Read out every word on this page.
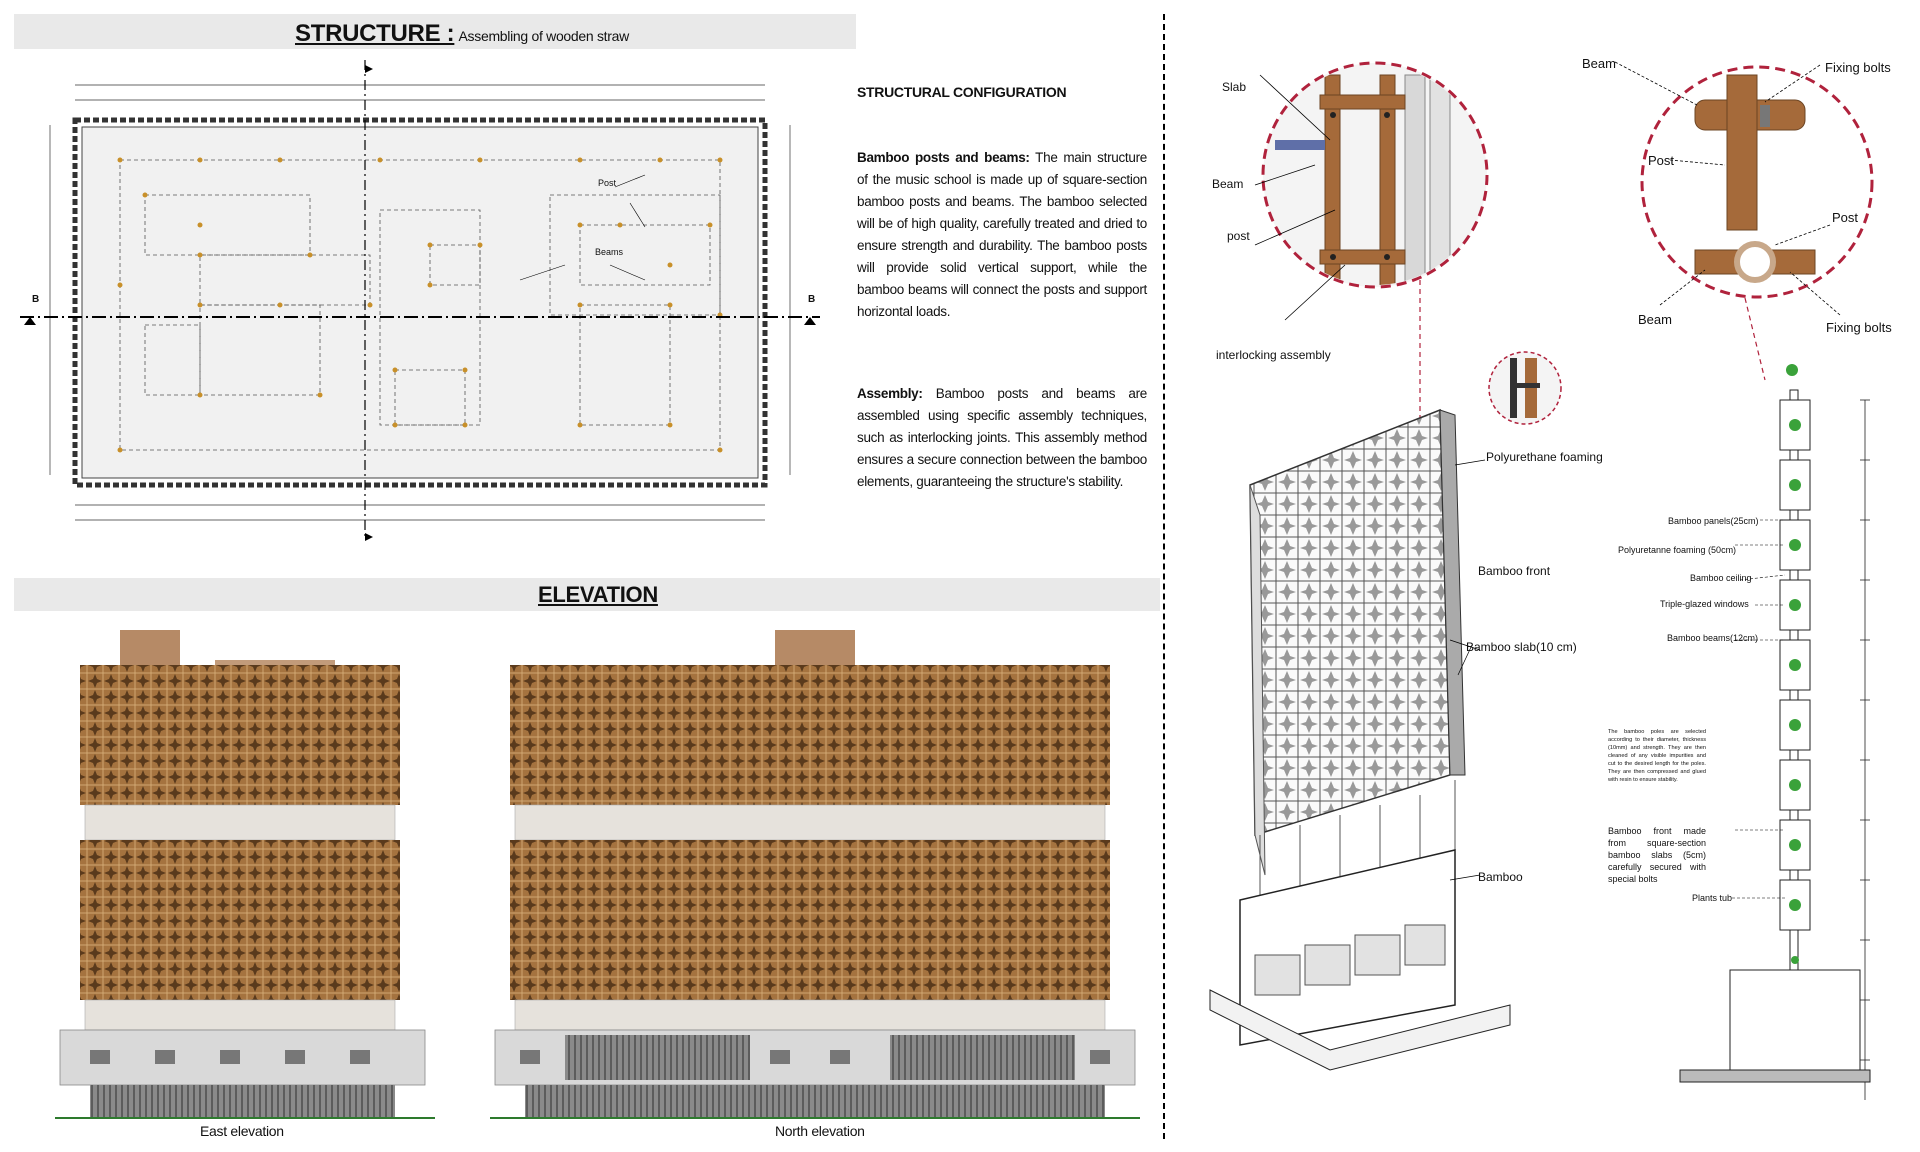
STRUCTURE : Assembling of wooden straw
B	B
Post
Beams
STRUCTURAL CONFIGURATION
Bamboo posts and beams: The main structure of the music school is made up of square-section bamboo posts and beams. The bamboo selected will be of high quality, carefully treated and dried to ensure strength and durability. The bamboo posts will provide solid vertical support, while the bamboo beams will connect the posts and support horizontal loads.
Assembly: Bamboo posts and beams are assembled using specific assembly techniques, such as interlocking joints. This assembly method ensures a secure connection between the bamboo elements, guaranteeing the structure's stability.
ELEVATION
East elevation	North elevation
Slab
Beam
post
interlocking assembly
Polyurethane foaming
Bamboo front
Bamboo slab(10 cm)
Bamboo
Beam	Fixing bolts
Post
Post
Beam
Fixing bolts
Bamboo panels(25cm)
Polyuretanne foaming (50cm)
Bamboo ceiling
Triple-glazed windows
Bamboo beams(12cm)
The bamboo poles are selected according to their diameter, thickness (10mm) and strength. They are then cleaned of any visible impurities and cut to the desired length for the poles. They are then compressed and glued with resin to ensure stability.
Bamboo front made from square-section bamboo slabs (5cm) carefully secured with special bolts
Plants tub
